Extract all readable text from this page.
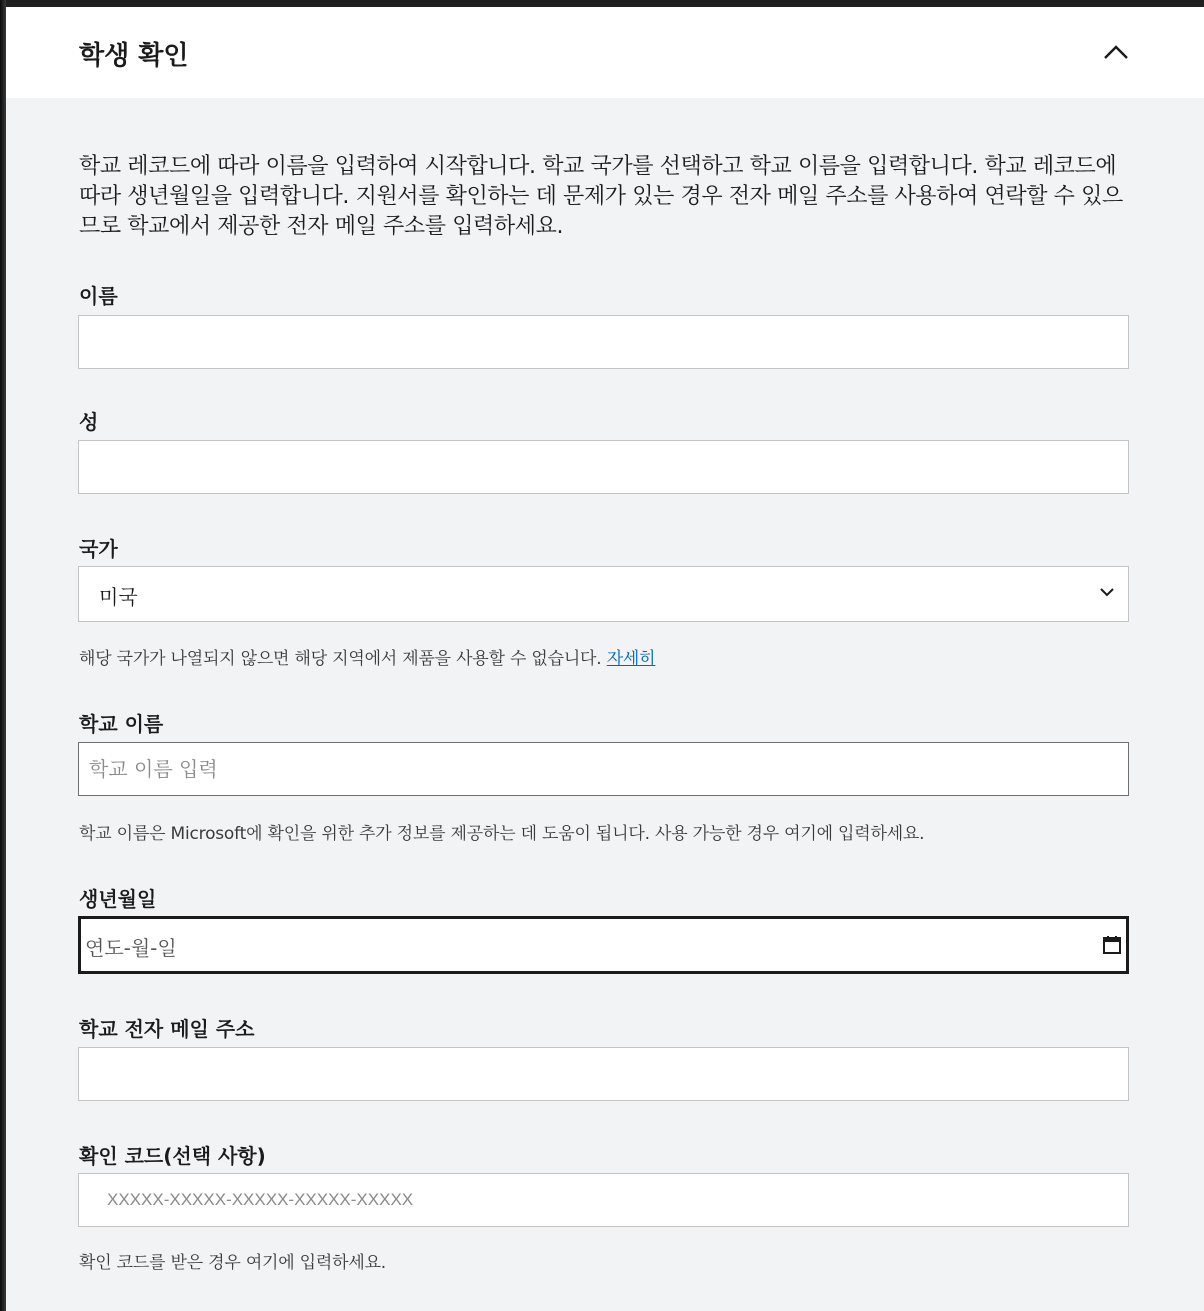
학생 확인
학교 레코드에 따라 이름을 입력하여 시작합니다. 학교 국가를 선택하고 학교 이름을 입력합니다. 학교 레코드에 따라 생년월일을 입력합니다. 지원서를 확인하는 데 문제가 있는 경우 전자 메일 주소를 사용하여 연락할 수 있으므로 학교에서 제공한 전자 메일 주소를 입력하세요.
이름
성
국가
미국
해당 국가가 나열되지 않으면 해당 지역에서 제품을 사용할 수 없습니다. 자세히
학교 이름
학교 이름 입력
학교 이름은 Microsoft에 확인을 위한 추가 정보를 제공하는 데 도움이 됩니다. 사용 가능한 경우 여기에 입력하세요.
생년월일
연도-월-일
학교 전자 메일 주소
확인 코드(선택 사항)
XXXXX-XXXXX-XXXXX-XXXXX-XXXXX
확인 코드를 받은 경우 여기에 입력하세요.
